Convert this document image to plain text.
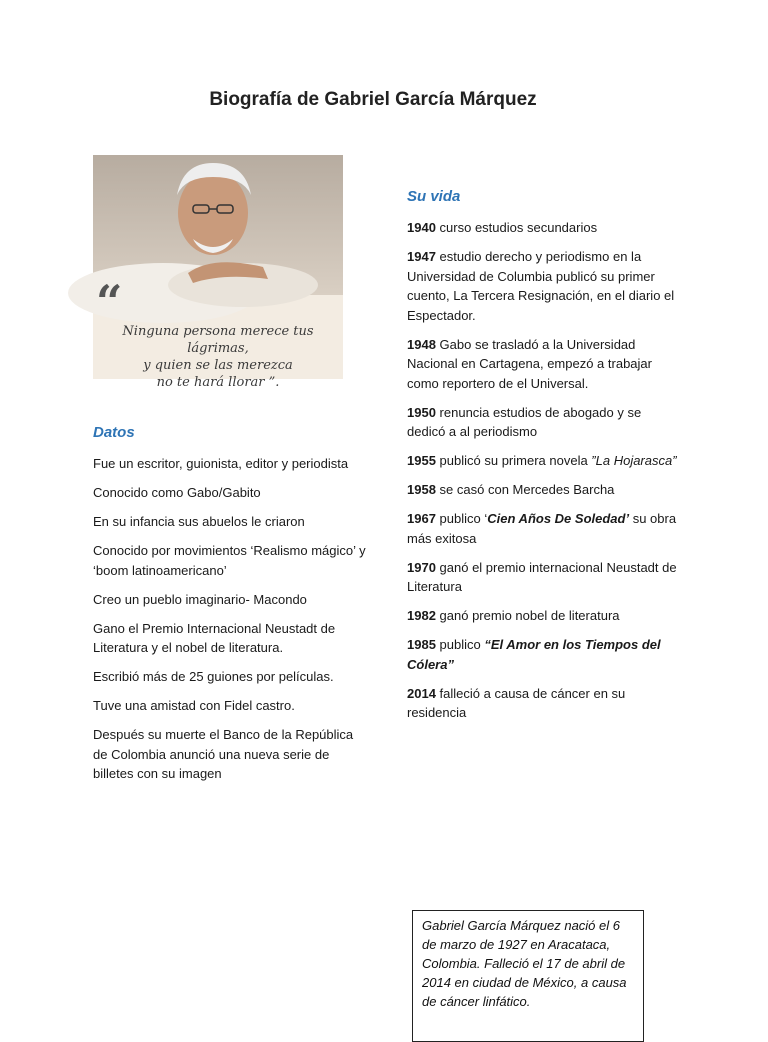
Biografía de Gabriel García Márquez
“
Ninguna persona merece tus lágrimas,
y quien se las merezca
no te hará llorar ”.
Datos

Fue un escritor, guionista, editor y periodista

Conocido como Gabo/Gabito

En su infancia sus abuelos le criaron

Conocido por movimientos ‘Realismo mágico’ y ‘boom latinoamericano’

Creo un pueblo imaginario- Macondo

Gano el Premio Internacional Neustadt de Literatura y el nobel de literatura.

Escribió más de 25 guiones por películas.

Tuve una amistad con Fidel castro.

Después su muerte el Banco de la República de Colombia anunció una nueva serie de billetes con su imagen

Su vida

1940 curso estudios secundarios

1947 estudio derecho y periodismo en la Universidad de Columbia publicó su primer cuento, La Tercera Resignación, en el diario el Espectador.

1948 Gabo se trasladó a la Universidad Nacional en Cartagena, empezó a trabajar como reportero de el Universal.

1950 renuncia estudios de abogado y se dedicó a al periodismo

1955 publicó su primera novela ”La Hojarasca”

1958 se casó con Mercedes Barcha

1967 publico ‘Cien Años De Soledad’ su obra más exitosa

1970 ganó el premio internacional Neustadt de Literatura

1982 ganó premio nobel de literatura

1985 publico “El Amor en los Tiempos del Cólera”

2014 falleció a causa de cáncer en su residencia

Gabriel García Márquez nació el 6 de marzo de 1927 en Aracataca, Colombia. Falleció el 17 de abril de 2014 en ciudad de México, a causa de cáncer linfático.
